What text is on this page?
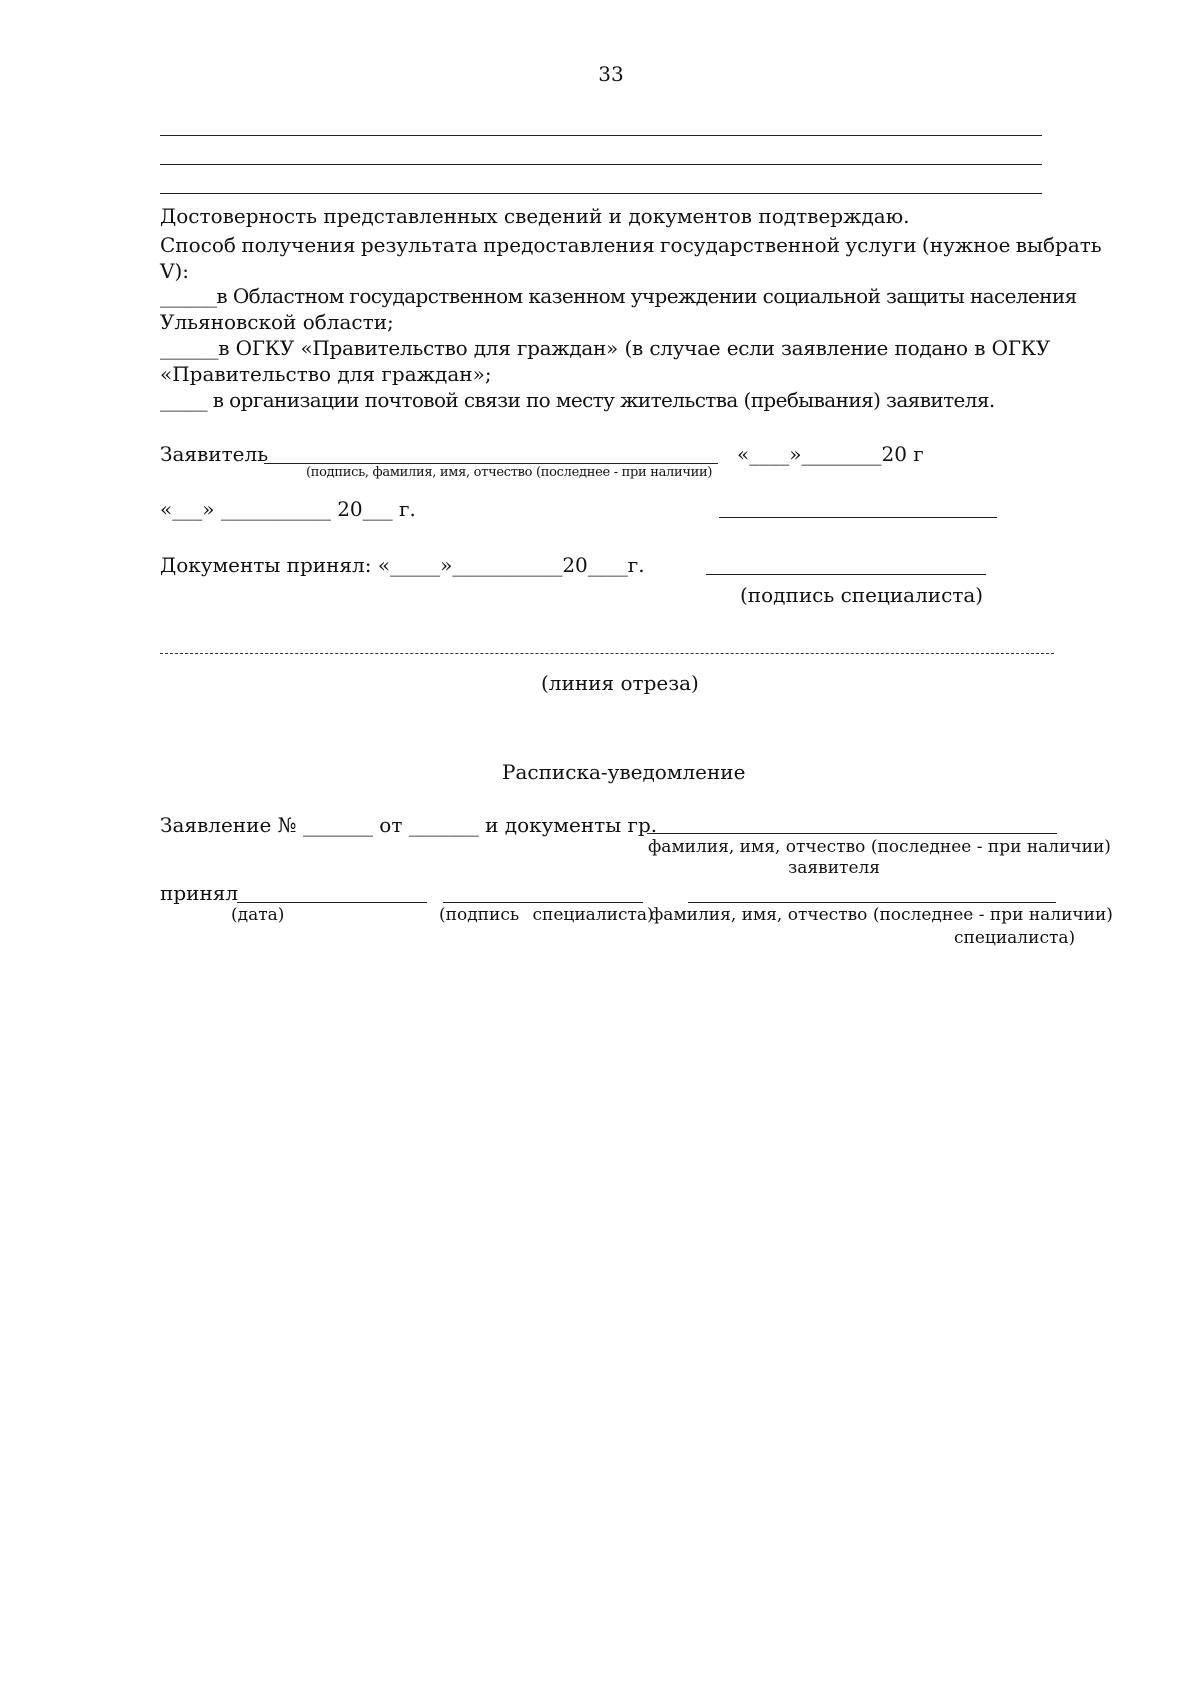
33
Достоверность представленных сведений и документов подтверждаю.
Способ получения результата предоставления государственной услуги (нужное выбрать
V):
______в Областном государственном казенном учреждении социальной защиты населения
Ульяновской области;
______в ОГКУ «Правительство для граждан» (в случае если заявление подано в ОГКУ
«Правительство для граждан»;
_____ в организации почтовой связи по месту жительства (пребывания) заявителя.
Заявитель
(подпись, фамилия, имя, отчество (последнее - при наличии)
«____»________20 г
«___» ___________ 20___ г.
Документы принял: «_____»___________20____г.
(подпись специалиста)
(линия отреза)
Расписка-уведомление
Заявление № _______ от _______ и документы гр.
фамилия, имя, отчество (последнее - при наличии)
заявителя
принял
(дата)	(подпись специалиста)
фамилия, имя, отчество (последнее - при наличии)
специалиста)
